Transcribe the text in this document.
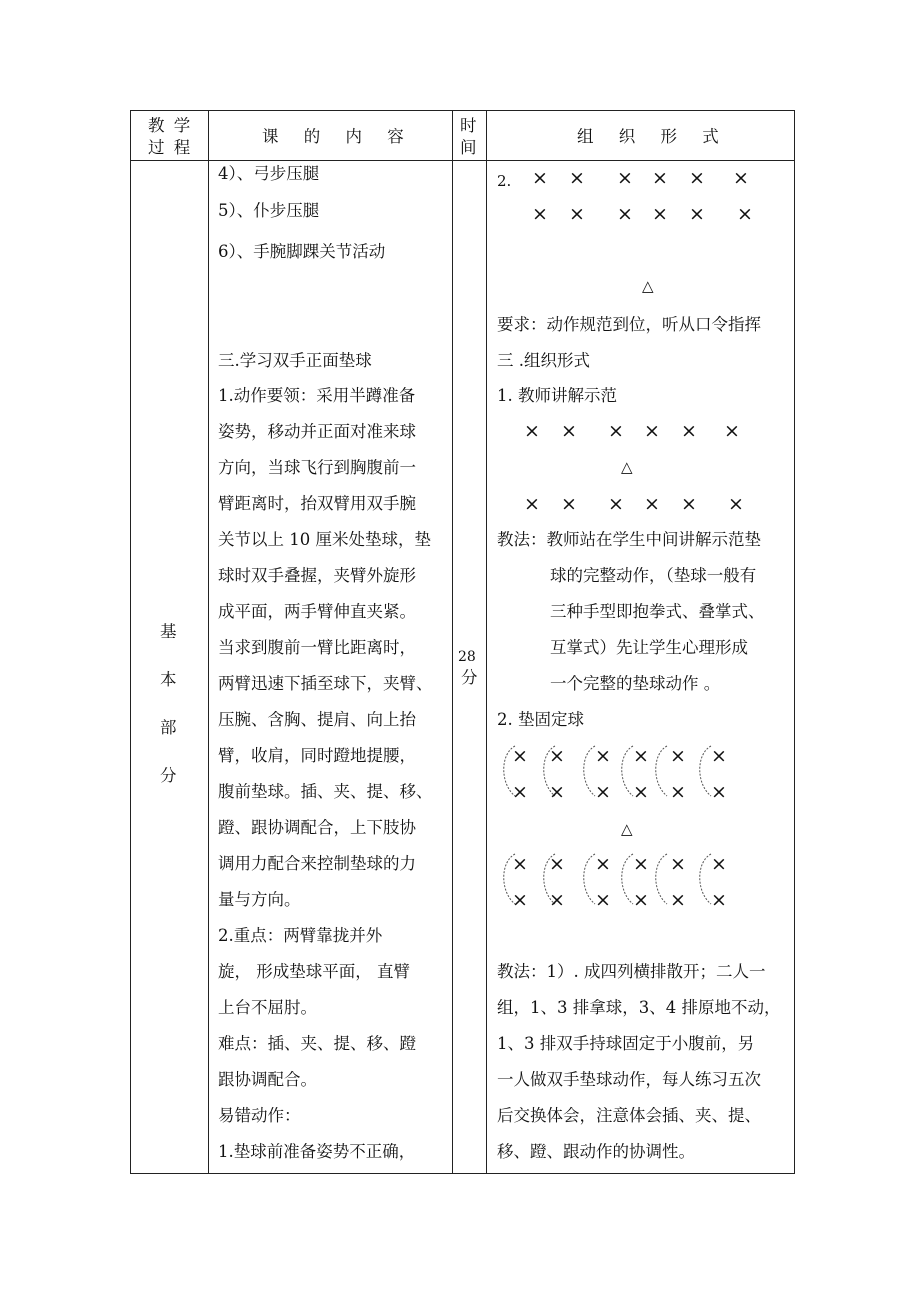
教 学
过 程
课 的 内 容
时
间
组 织 形 式
基
本
部
分
28
分
4）、弓步压腿
5）、仆步压腿
6）、手腕脚踝关节活动
三.学习双手正面垫球
1.动作要领：采用半蹲准备
姿势，移动并正面对准来球
方向，当球飞行到胸腹前一
臂距离时，抬双臂用双手腕
关节以上 10 厘米处垫球，垫
球时双手叠握，夹臂外旋形
成平面，两手臂伸直夹紧。
当求到腹前一臂比距离时，
两臂迅速下插至球下，夹臂、
压腕、含胸、提肩、向上抬
臂，收肩，同时蹬地提腰，
腹前垫球。插、夹、提、移、
蹬、跟协调配合，上下肢协
调用力配合来控制垫球的力
量与方向。
2.重点：两臂靠拢并外
旋， 形成垫球平面， 直臂
上台不屈肘。
难点：插、夹、提、移、蹬
跟协调配合。
易错动作：
1.垫球前准备姿势不正确，
2. × × × × × ×
× × × × × ×
△
要求：动作规范到位，听从口令指挥
三 .组织形式
1. 教师讲解示范
× × × × × ×
△
× × × × × ×
教法：教师站在学生中间讲解示范垫
球的完整动作，（垫球一般有
三种手型即抱拳式、叠掌式、
互掌式）先让学生心理形成
一个完整的垫球动作 。
2. 垫固定球
× × × × × ×
× × × × × ×
△
× × × × × ×
× × × × × ×
教法：1）. 成四列横排散开；二人一
组，1、3 排拿球，3、4 排原地不动，
1、3 排双手持球固定于小腹前，另
一人做双手垫球动作，每人练习五次
后交换体会，注意体会插、夹、提、
移、蹬、跟动作的协调性。
